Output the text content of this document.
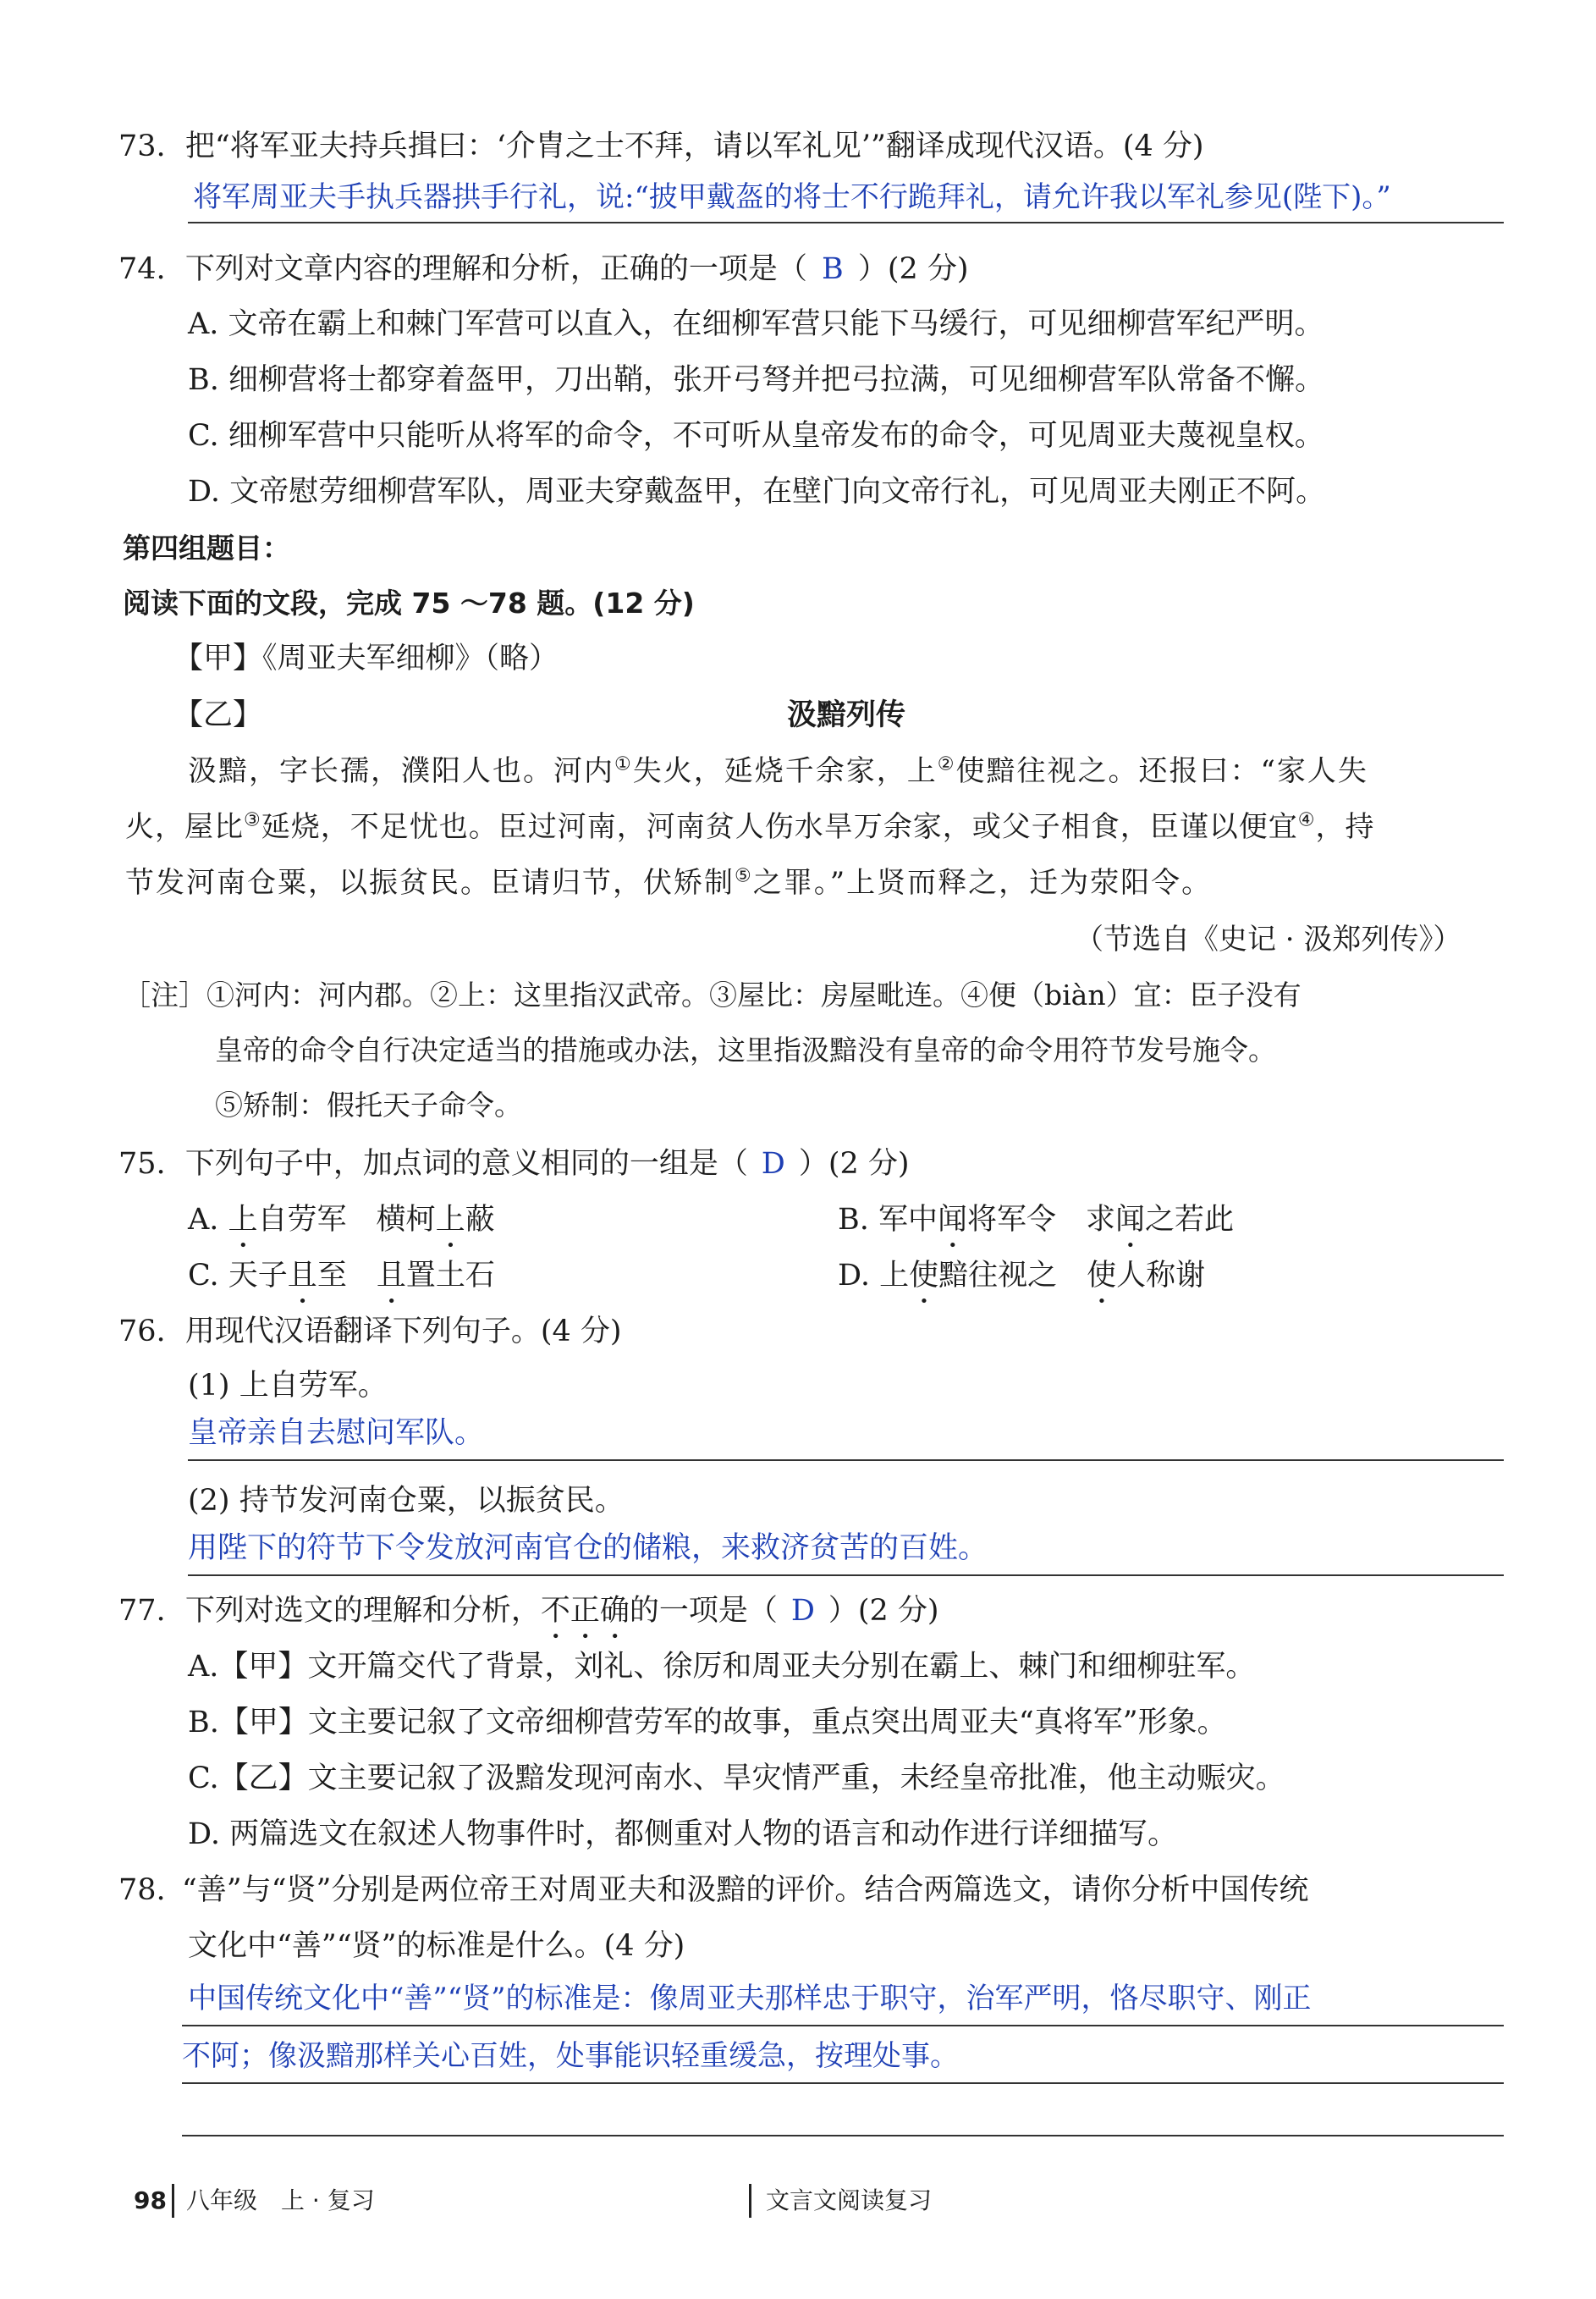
73. 把“将军亚夫持兵揖曰：‘介胄之士不拜，请以军礼见’”翻译成现代汉语。(4 分)
将军周亚夫手执兵器拱手行礼，说:“披甲戴盔的将士不行跪拜礼，请允许我以军礼参见(陛下)。”
74. 下列对文章内容的理解和分析，正确的一项是（ B ）(2 分)
A. 文帝在霸上和棘门军营可以直入，在细柳军营只能下马缓行，可见细柳营军纪严明。
B. 细柳营将士都穿着盔甲，刀出鞘，张开弓弩并把弓拉满，可见细柳营军队常备不懈。
C. 细柳军营中只能听从将军的命令，不可听从皇帝发布的命令，可见周亚夫蔑视皇权。
D. 文帝慰劳细柳营军队，周亚夫穿戴盔甲，在壁门向文帝行礼，可见周亚夫刚正不阿。
第四组题目：
阅读下面的文段，完成 75 ～78 题。(12 分)
【甲】《周亚夫军细柳》（略）
【乙】	汲黯列传
汲黯，字长孺，濮阳人也。河内①失火，延烧千余家，上②使黯往视之。还报曰：“家人失
火，屋比③延烧，不足忧也。臣过河南，河南贫人伤水旱万余家，或父子相食，臣谨以便宜④，持
节发河南仓粟，以振贫民。臣请归节，伏矫制⑤之罪。”上贤而释之，迁为荥阳令。
（节选自《史记 · 汲郑列传》）
［注］①河内：河内郡。②上：这里指汉武帝。③屋比：房屋毗连。④便（biàn）宜：臣子没有
皇帝的命令自行决定适当的措施或办法，这里指汲黯没有皇帝的命令用符节发号施令。
⑤矫制：假托天子命令。
75. 下列句子中，加点词的意义相同的一组是（ D ）(2 分)
A. 上自劳军　横柯上蔽	B. 军中闻将军令　求闻之若此
C. 天子且至　且置土石	D. 上使黯往视之　使人称谢
76. 用现代汉语翻译下列句子。(4 分)
(1) 上自劳军。
皇帝亲自去慰问军队。
(2) 持节发河南仓粟，以振贫民。
用陛下的符节下令发放河南官仓的储粮，来救济贫苦的百姓。
77. 下列对选文的理解和分析，不正确的一项是（ D ）(2 分)
A.【甲】文开篇交代了背景，刘礼、徐厉和周亚夫分别在霸上、棘门和细柳驻军。
B.【甲】文主要记叙了文帝细柳营劳军的故事，重点突出周亚夫“真将军”形象。
C.【乙】文主要记叙了汲黯发现河南水、旱灾情严重，未经皇帝批准，他主动赈灾。
D. 两篇选文在叙述人物事件时，都侧重对人物的语言和动作进行详细描写。
78. “善”与“贤”分别是两位帝王对周亚夫和汲黯的评价。结合两篇选文，请你分析中国传统
文化中“善”“贤”的标准是什么。(4 分)
中国传统文化中“善”“贤”的标准是：像周亚夫那样忠于职守，治军严明，恪尽职守、刚正
不阿；像汲黯那样关心百姓，处事能识轻重缓急，按理处事。
98 八年级　上 · 复习	文言文阅读复习
